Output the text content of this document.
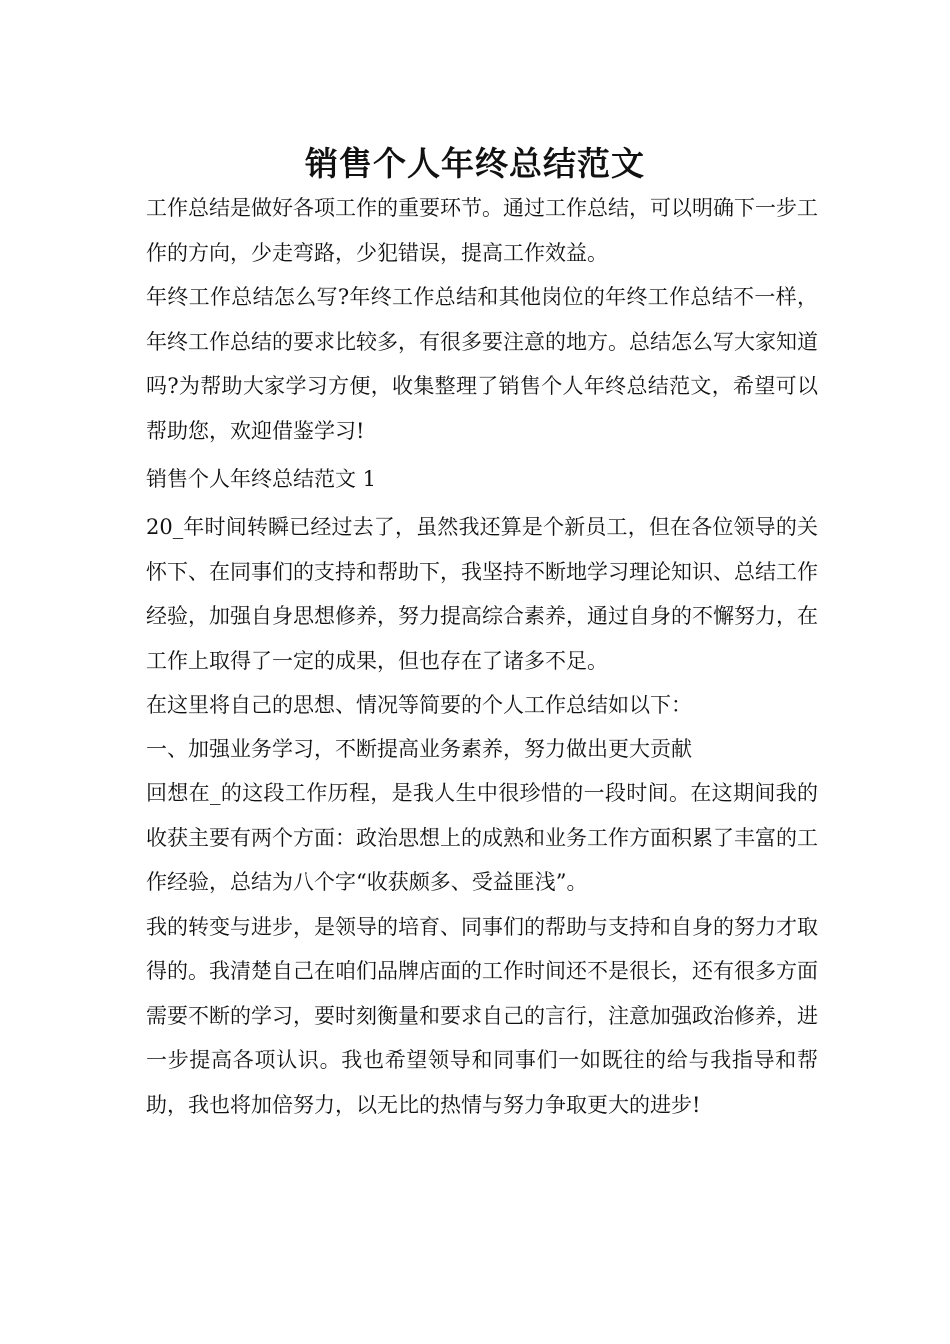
销售个人年终总结范文

工作总结是做好各项工作的重要环节。通过工作总结，可以明确下一步工作的方向，少走弯路，少犯错误，提高工作效益。

年终工作总结怎么写?年终工作总结和其他岗位的年终工作总结不一样，年终工作总结的要求比较多，有很多要注意的地方。总结怎么写大家知道吗?为帮助大家学习方便，收集整理了销售个人年终总结范文，希望可以帮助您，欢迎借鉴学习!

销售个人年终总结范文 1

20_年时间转瞬已经过去了，虽然我还算是个新员工，但在各位领导的关怀下、在同事们的支持和帮助下，我坚持不断地学习理论知识、总结工作经验，加强自身思想修养，努力提高综合素养，通过自身的不懈努力，在工作上取得了一定的成果，但也存在了诸多不足。

在这里将自己的思想、情况等简要的个人工作总结如以下：

一、加强业务学习，不断提高业务素养，努力做出更大贡献

回想在_的这段工作历程，是我人生中很珍惜的一段时间。在这期间我的收获主要有两个方面：政治思想上的成熟和业务工作方面积累了丰富的工作经验，总结为八个字“收获颇多、受益匪浅”。

我的转变与进步，是领导的培育、同事们的帮助与支持和自身的努力才取得的。我清楚自己在咱们品牌店面的工作时间还不是很长，还有很多方面需要不断的学习，要时刻衡量和要求自己的言行，注意加强政治修养，进一步提高各项认识。我也希望领导和同事们一如既往的给与我指导和帮助，我也将加倍努力，以无比的热情与努力争取更大的进步!
